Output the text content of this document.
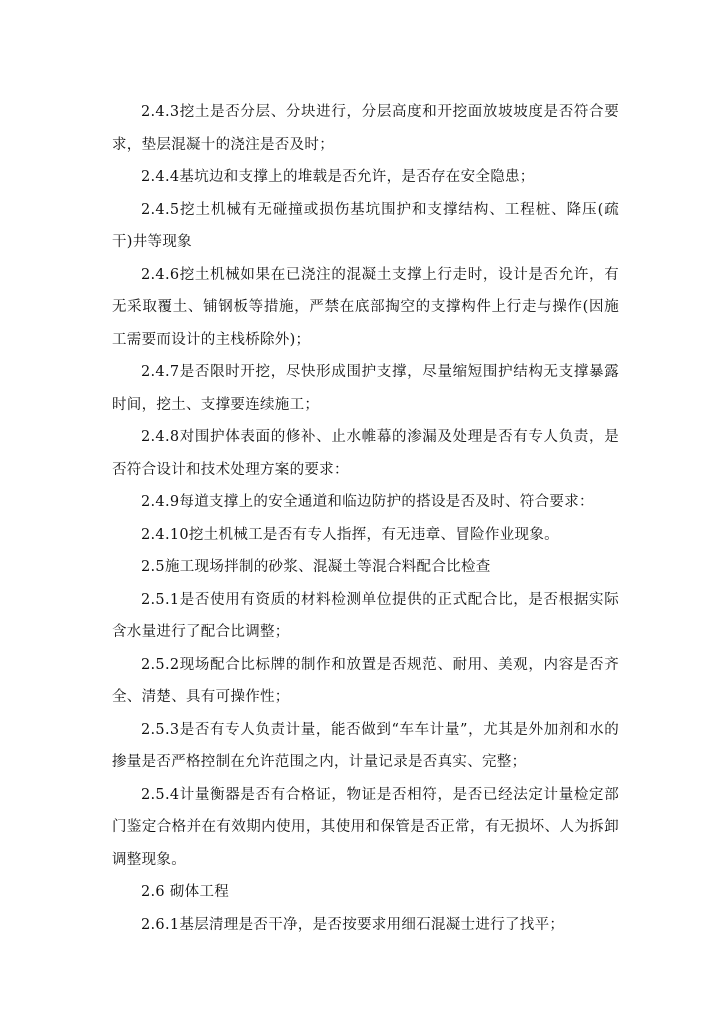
2.4.3挖土是否分层、分块进行，分层高度和开挖面放坡坡度是否符合要求，垫层混凝十的浇注是否及时；

2.4.4基坑边和支撑上的堆载是否允许，是否存在安全隐患；

2.4.5挖土机械有无碰撞或损伤基坑围护和支撑结构、工程桩、降压(疏干)井等现象

2.4.6挖土机械如果在已浇注的混凝土支撑上行走时，设计是否允许，有无采取覆土、铺钢板等措施，严禁在底部掏空的支撑构件上行走与操作(因施工需要而设计的主栈桥除外)；

2.4.7是否限时开挖，尽快形成围护支撑，尽量缩短围护结构无支撑暴露时间，挖土、支撑要连续施工；

2.4.8对围护体表面的修补、止水帷幕的渗漏及处理是否有专人负责，是否符合设计和技术处理方案的要求：

2.4.9每道支撑上的安全通道和临边防护的搭设是否及时、符合要求：

2.4.10挖土机械工是否有专人指挥，有无违章、冒险作业现象。

2.5施工现场拌制的砂浆、混凝土等混合料配合比检查

2.5.1是否使用有资质的材料检测单位提供的正式配合比，是否根据实际含水量进行了配合比调整；

2.5.2现场配合比标牌的制作和放置是否规范、耐用、美观，内容是否齐全、清楚、具有可操作性；

2.5.3是否有专人负责计量，能否做到“车车计量”，尤其是外加剂和水的掺量是否严格控制在允许范围之内，计量记录是否真实、完整；

2.5.4计量衡器是否有合格证，物证是否相符，是否已经法定计量检定部门鉴定合格并在有效期内使用，其使用和保管是否正常，有无损坏、人为拆卸调整现象。

2.6 砌体工程

2.6.1基层清理是否干净，是否按要求用细石混凝士进行了找平；
